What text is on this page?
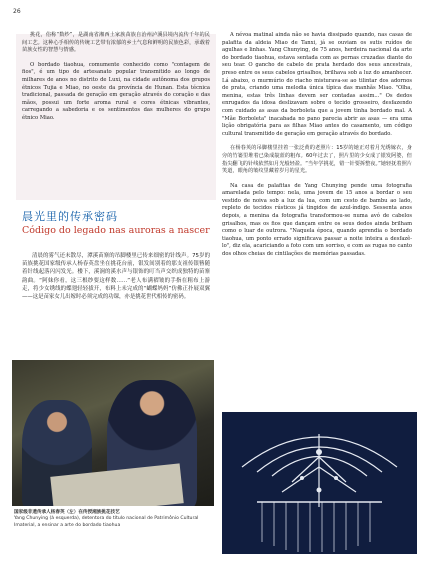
26

挑花，俗称“数纱”，是湖南省湘西土家族苗族自治州泸溪县境内流传千年的民间工艺。这种心手相传的传统工艺带有浓郁的乡土气息和鲜明的民族色彩，承载着苗族女性的智慧与情感。

O bordado tiaohua, comumente conhecido como "contagem de fios", é um tipo de artesanato popular transmitido ao longo de milhares de anos no distrito de Luxi, na cidade autônoma dos grupos étnicos Tujia e Miao, no oeste da província de Hunan. Esta técnica tradicional, passada de geração em geração através do coração e das mãos, possui um forte aroma rural e cores étnicas vibrantes, carregando a sabedoria e os sentimentos das mulheres do grupo étnico Miao.

晨光里的传承密码
Código do legado nas auroras a nascer

清晨的雾气还未散尽，潭溪苗寨的吊脚楼里已传来细密的针线声。75岁的苗族挑花国家级传承人杨春英盘坐在挑花台前，银发间别着的那支祖传银簪随着针线起落闪闪发光。楼下，溪涧的溪水声与银饰的叮当声交织成独特的苗寨韵曲。“阿妹你看，这三根纱要这样数……”老人布满褶皱的手指在粗布上游走，将少女绣线的蝶翅轻轻拔开，布料上未完成的“蝴蝶妈妈”仿佛正扑展双翼——这是苗家女儿出嫁时必须完成的功课，亦是挑花世代相传的密码。

国家级非遗传承人杨春英（左）在传授湘族挑花技艺
Yang Chunying (à esquerda), detentora do título nacional de Patrimônio Cultural Imaterial, a ensinar a arte do bordado tiaohua

A névoa matinal ainda não se havia dissipado quando, nas casas de palafita da aldeia Miao de Tanxi, já se ouviam os sutis ruídos de agulhas e linhas. Yang Chunying, de 75 anos, herdeira nacional da arte do bordado tiaohua, estava sentada com as pernas cruzadas diante do seu tear. O gancho de cabelo de prata herdado dos seus ancestrais, preso entre os seus cabelos grisalhos, brilhava sob a luz do amanhecer. Lá abaixo, o murmúrio do riacho misturava-se ao tilintar dos adornos de prata, criando uma melodia única típica das manhãs Miao. "Olha, menina, estas três linhas devem ser contadas assim..." Os dedos enrugados da idosa deslizavam sobre o tecido grosseiro, desfazendo com cuidado as asas da borboleta que a jovem tinha bordado mal. A "Mãe Borboleta" inacabada no pano parecia abrir as asas — era uma lição obrigatória para as filhas Miao antes do casamento, um código cultural transmitido de geração em geração através do bordado.

在杨春英的吊脚楼里挂着一张泛黄的老照片：15岁的她正对着月光绣嫁衣，身旁的竹篓里堆着已染成靛蓝的粗布。60年过去了，照片里的少女成了银发阿婆，但指尖翻飞的针线依然如月光般轻盈。“当年学挑花，错一针要拆整夜。”她轻抚着照片笑道，眼角的皱纹里藏着岁月的星光。

Na casa de palafitas de Yang Chunying pende uma fotografia amarelada pelo tempo: nela, uma jovem de 15 anos a bordar o seu vestido de noiva sob a luz da lua, com um cesto de bambu ao lado, repleto de tecidos rústicos já tingidos de azul-índigo. Sessenta anos depois, a menina da fotografia transformou-se numa avó de cabelos grisalhos, mas os fios que dançam entre os seus dedos ainda brilham como o luar de outrora. "Naquela época, quando aprendia o bordado tiaohua, um ponto errado significava passar a noite inteira a desfazê-lo", diz ela, acariciando a foto com um sorriso, e com as rugas no canto dos olhos cheias de cintilações de memórias passadas.
